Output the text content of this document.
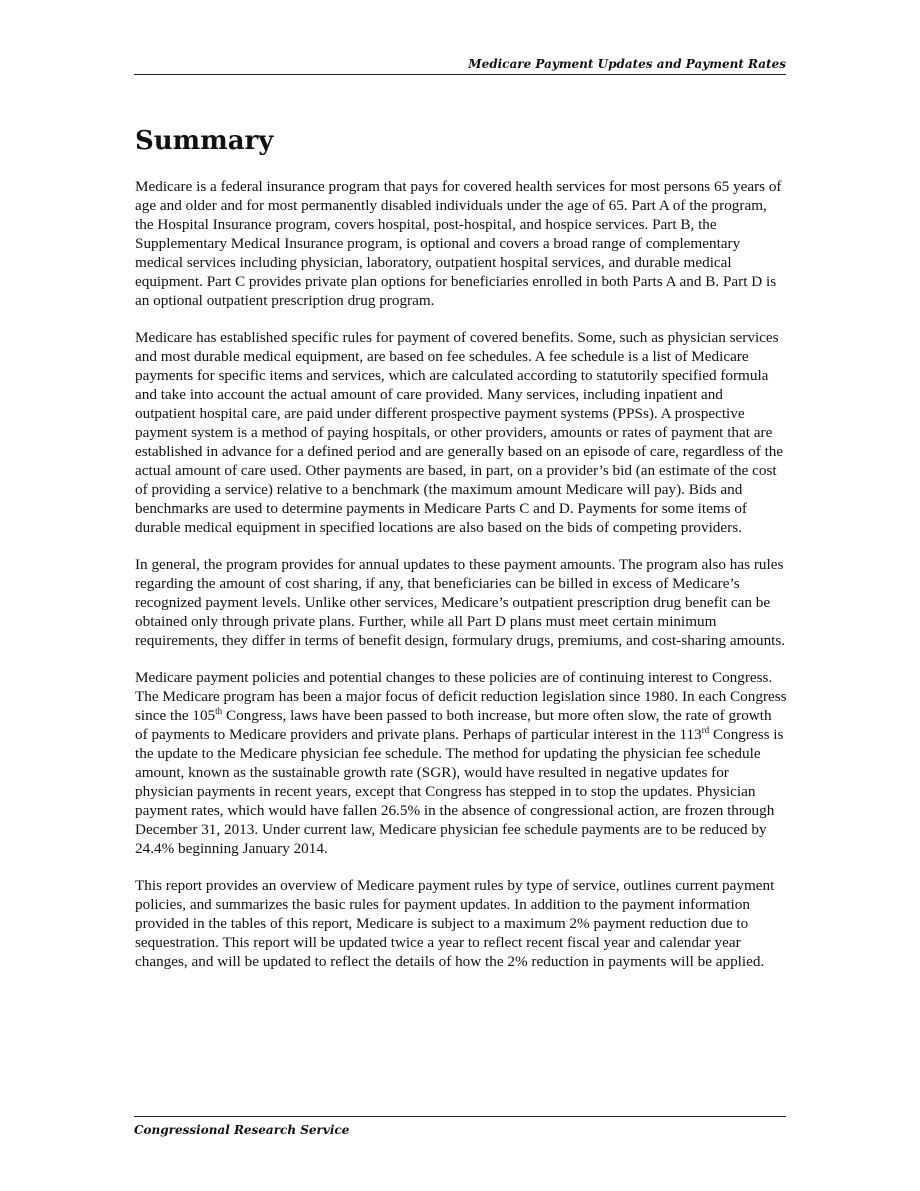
Medicare Payment Updates and Payment Rates
Summary

Medicare is a federal insurance program that pays for covered health services for most persons 65 years of age and older and for most permanently disabled individuals under the age of 65. Part A of the program, the Hospital Insurance program, covers hospital, post-hospital, and hospice services. Part B, the Supplementary Medical Insurance program, is optional and covers a broad range of complementary medical services including physician, laboratory, outpatient hospital services, and durable medical equipment. Part C provides private plan options for beneficiaries enrolled in both Parts A and B. Part D is an optional outpatient prescription drug program.

Medicare has established specific rules for payment of covered benefits. Some, such as physician services and most durable medical equipment, are based on fee schedules. A fee schedule is a list of Medicare payments for specific items and services, which are calculated according to statutorily specified formula and take into account the actual amount of care provided. Many services, including inpatient and outpatient hospital care, are paid under different prospective payment systems (PPSs). A prospective payment system is a method of paying hospitals, or other providers, amounts or rates of payment that are established in advance for a defined period and are generally based on an episode of care, regardless of the actual amount of care used. Other payments are based, in part, on a provider’s bid (an estimate of the cost of providing a service) relative to a benchmark (the maximum amount Medicare will pay). Bids and benchmarks are used to determine payments in Medicare Parts C and D. Payments for some items of durable medical equipment in specified locations are also based on the bids of competing providers.

In general, the program provides for annual updates to these payment amounts. The program also has rules regarding the amount of cost sharing, if any, that beneficiaries can be billed in excess of Medicare’s recognized payment levels. Unlike other services, Medicare’s outpatient prescription drug benefit can be obtained only through private plans. Further, while all Part D plans must meet certain minimum requirements, they differ in terms of benefit design, formulary drugs, premiums, and cost-sharing amounts.

Medicare payment policies and potential changes to these policies are of continuing interest to Congress. The Medicare program has been a major focus of deficit reduction legislation since 1980. In each Congress since the 105th Congress, laws have been passed to both increase, but more often slow, the rate of growth of payments to Medicare providers and private plans. Perhaps of particular interest in the 113rd Congress is the update to the Medicare physician fee schedule. The method for updating the physician fee schedule amount, known as the sustainable growth rate (SGR), would have resulted in negative updates for physician payments in recent years, except that Congress has stepped in to stop the updates. Physician payment rates, which would have fallen 26.5% in the absence of congressional action, are frozen through December 31, 2013. Under current law, Medicare physician fee schedule payments are to be reduced by 24.4% beginning January 2014.

This report provides an overview of Medicare payment rules by type of service, outlines current payment policies, and summarizes the basic rules for payment updates. In addition to the payment information provided in the tables of this report, Medicare is subject to a maximum 2% payment reduction due to sequestration. This report will be updated twice a year to reflect recent fiscal year and calendar year changes, and will be updated to reflect the details of how the 2% reduction in payments will be applied.

Congressional Research Service
